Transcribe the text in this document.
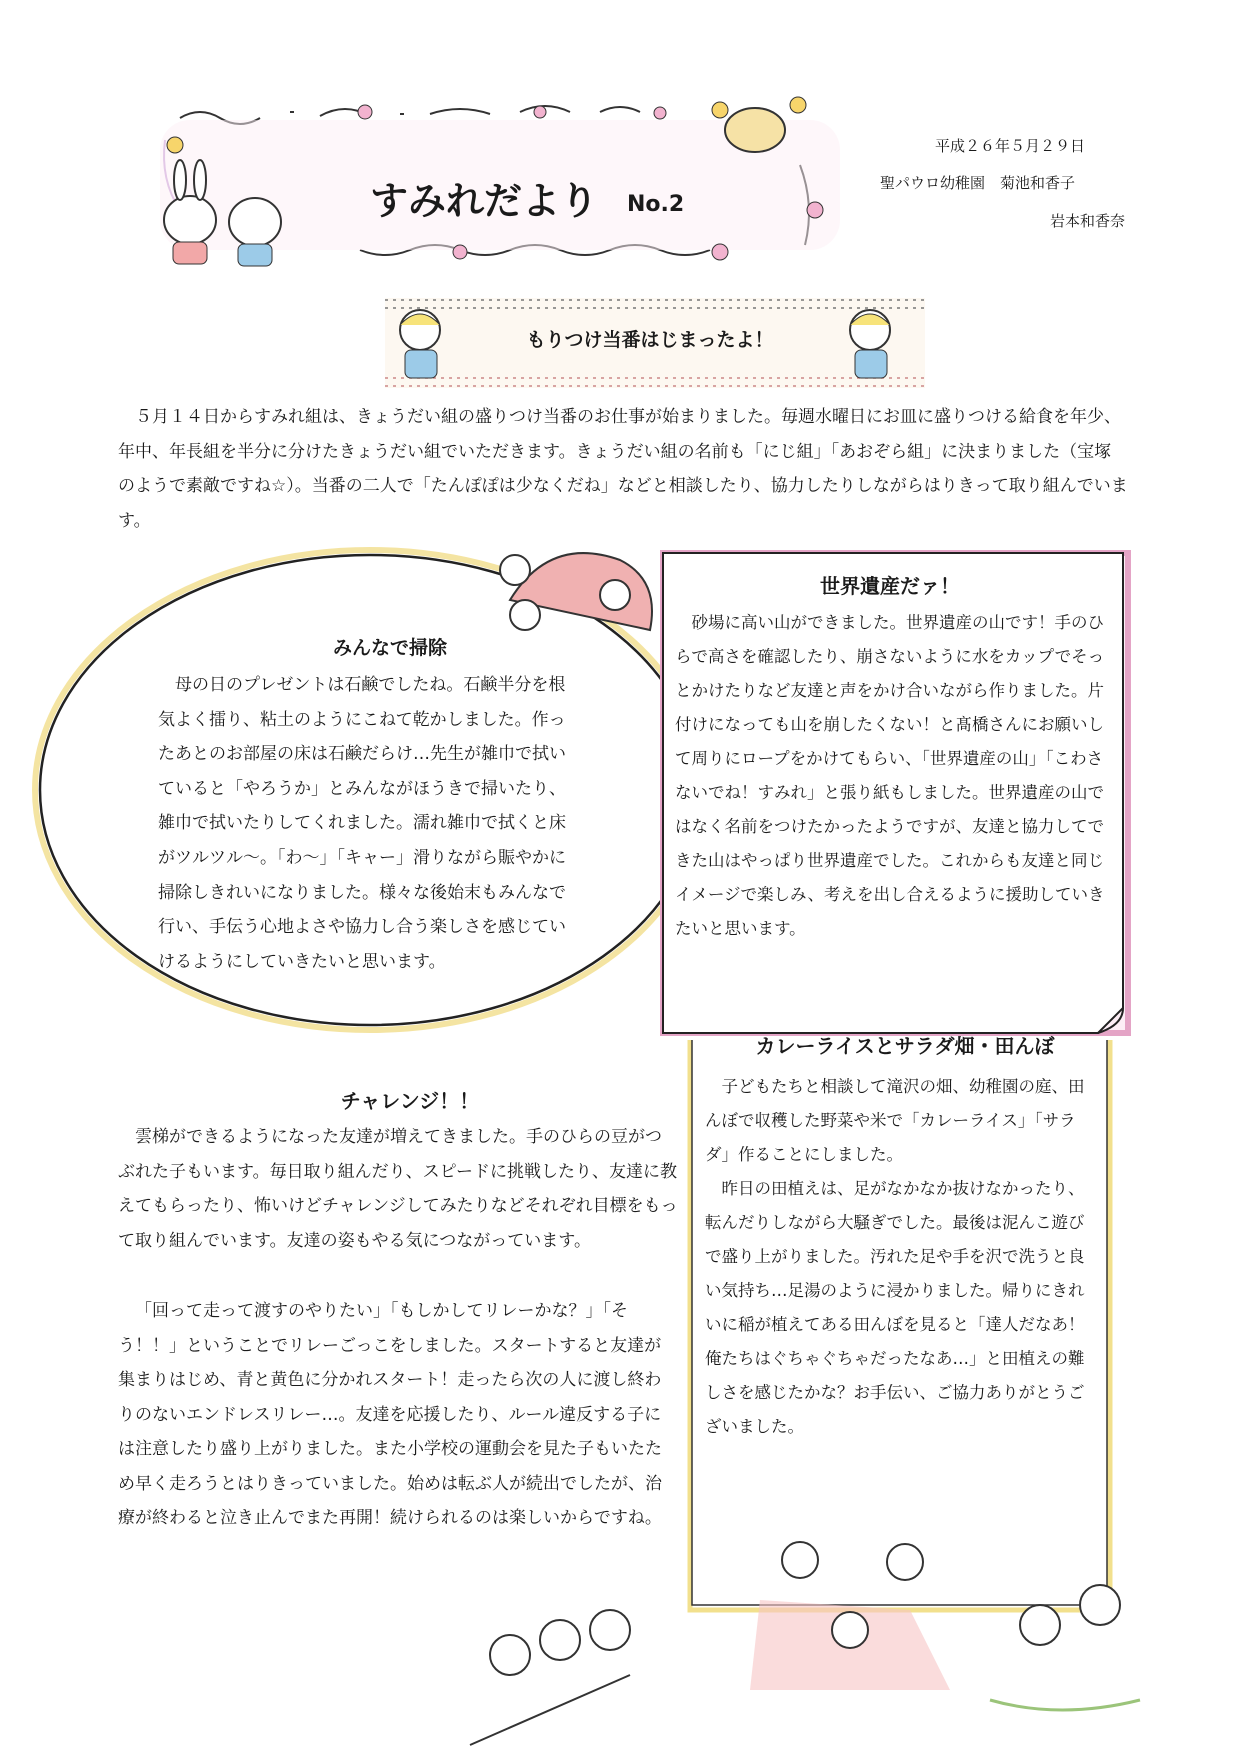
すみれだより No.2
平成２６年５月２９日
聖パウロ幼稚園　菊池和香子
岩本和香奈
もりつけ当番はじまったよ！

５月１４日からすみれ組は、きょうだい組の盛りつけ当番のお仕事が始まりました。毎週水曜日にお皿に盛りつける給食を年少、年中、年長組を半分に分けたきょうだい組でいただきます。きょうだい組の名前も「にじ組」「あおぞら組」に決まりました（宝塚のようで素敵ですね☆）。当番の二人で「たんぽぽは少なくだね」などと相談したり、協力したりしながらはりきって取り組んでいます。

みんなで掃除
母の日のプレゼントは石鹸でしたね。石鹸半分を根
気よく擂り、粘土のようにこねて乾かしました。作っ
たあとのお部屋の床は石鹸だらけ…先生が雑巾で拭い
ていると「やろうか」とみんながほうきで掃いたり、
雑巾で拭いたりしてくれました。濡れ雑巾で拭くと床
がツルツル～。「わ～」「キャー」滑りながら賑やかに
掃除しきれいになりました。様々な後始末もみんなで
行い、手伝う心地よさや協力し合う楽しさを感じてい
けるようにしていきたいと思います。
世界遺産だァ！

砂場に高い山ができました。世界遺産の山です！手のひらで高さを確認したり、崩さないように水をカップでそっとかけたりなど友達と声をかけ合いながら作りました。片付けになっても山を崩したくない！と髙橋さんにお願いして周りにロープをかけてもらい、「世界遺産の山」「こわさないでね！すみれ」と張り紙もしました。世界遺産の山ではなく名前をつけたかったようですが、友達と協力してできた山はやっぱり世界遺産でした。これからも友達と同じイメージで楽しみ、考えを出し合えるように援助していきたいと思います。

カレーライスとサラダ畑・田んぼ

子どもたちと相談して滝沢の畑、幼稚園の庭、田んぼで収穫した野菜や米で「カレーライス」「サラダ」作ることにしました。

昨日の田植えは、足がなかなか抜けなかったり、転んだりしながら大騒ぎでした。最後は泥んこ遊びで盛り上がりました。汚れた足や手を沢で洗うと良い気持ち…足湯のように浸かりました。帰りにきれいに稲が植えてある田んぼを見ると「達人だなあ！俺たちはぐちゃぐちゃだったなあ…」と田植えの難しさを感じたかな？お手伝い、ご協力ありがとうございました。

チャレンジ！！

雲梯ができるようになった友達が増えてきました。手のひらの豆がつぶれた子もいます。毎日取り組んだり、スピードに挑戦したり、友達に教えてもらったり、怖いけどチャレンジしてみたりなどそれぞれ目標をもって取り組んでいます。友達の姿もやる気につながっています。

「回って走って渡すのやりたい」「もしかしてリレーかな？」「そう！！」ということでリレーごっこをしました。スタートすると友達が集まりはじめ、青と黄色に分かれスタート！走ったら次の人に渡し終わりのないエンドレスリレー…。友達を応援したり、ルール違反する子には注意したり盛り上がりました。また小学校の運動会を見た子もいたため早く走ろうとはりきっていました。始めは転ぶ人が続出でしたが、治療が終わると泣き止んでまた再開！続けられるのは楽しいからですね。
